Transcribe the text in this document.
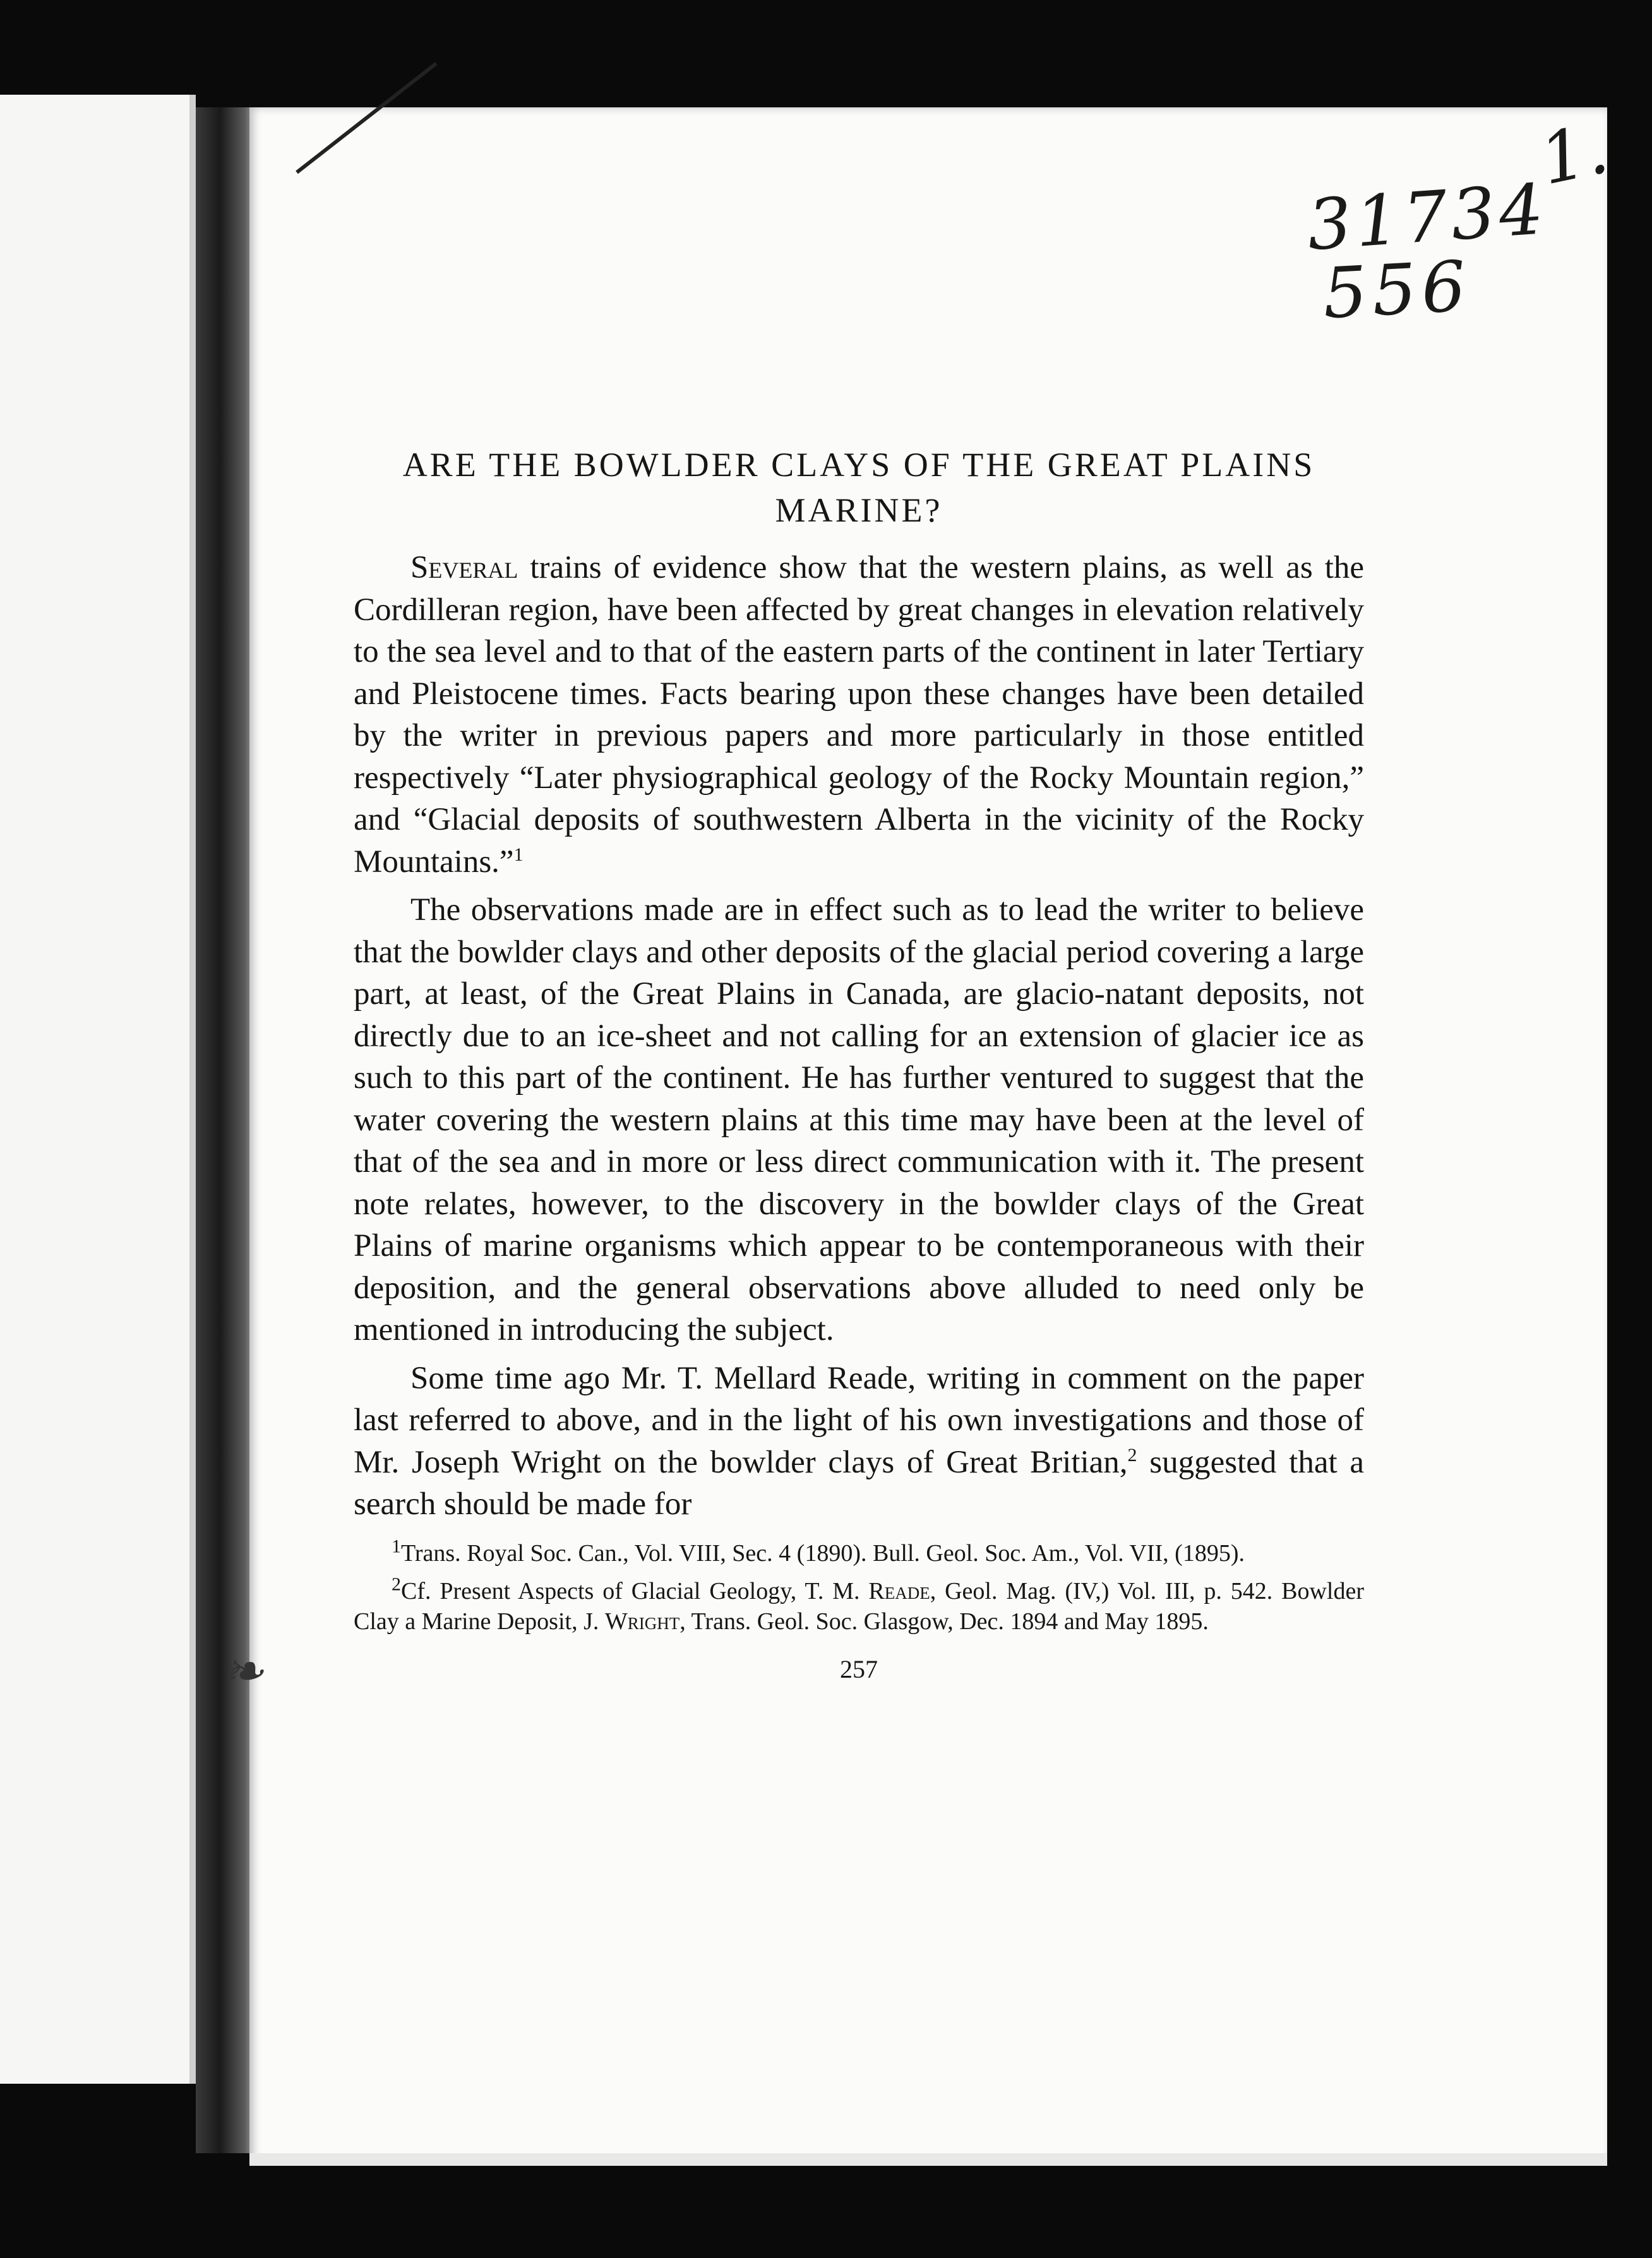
❧
1.
31734
556
ARE THE BOWLDER CLAYS OF THE GREAT PLAINS MARINE?

Several trains of evidence show that the western plains, as well as the Cordilleran region, have been affected by great changes in elevation relatively to the sea level and to that of the eastern parts of the continent in later Tertiary and Pleistocene times. Facts bearing upon these changes have been detailed by the writer in previous papers and more particularly in those entitled respectively “Later physiographical geology of the Rocky Mountain region,” and “Glacial deposits of southwestern Alberta in the vicinity of the Rocky Mountains.”$^1$

The observations made are in effect such as to lead the writer to believe that the bowlder clays and other deposits of the glacial period covering a large part, at least, of the Great Plains in Canada, are glacio-natant deposits, not directly due to an ice-sheet and not calling for an extension of glacier ice as such to this part of the continent. He has further ventured to suggest that the water covering the western plains at this time may have been at the level of that of the sea and in more or less direct communication with it. The present note relates, however, to the discovery in the bowlder clays of the Great Plains of marine organisms which appear to be contemporaneous with their deposition, and the general observations above alluded to need only be mentioned in introducing the subject.

Some time ago Mr. T. Mellard Reade, writing in comment on the paper last referred to above, and in the light of his own investigations and those of Mr. Joseph Wright on the bowlder clays of Great Britian,$^2$ suggested that a search should be made for

$^1$Trans. Royal Soc. Can., Vol. VIII, Sec. 4 (1890). Bull. Geol. Soc. Am., Vol. VII, (1895).

$^2$Cf. Present Aspects of Glacial Geology, T. M. Reade, Geol. Mag. (IV,) Vol. III, p. 542. Bowlder Clay a Marine Deposit, J. Wright, Trans. Geol. Soc. Glasgow, Dec. 1894 and May 1895.

257
